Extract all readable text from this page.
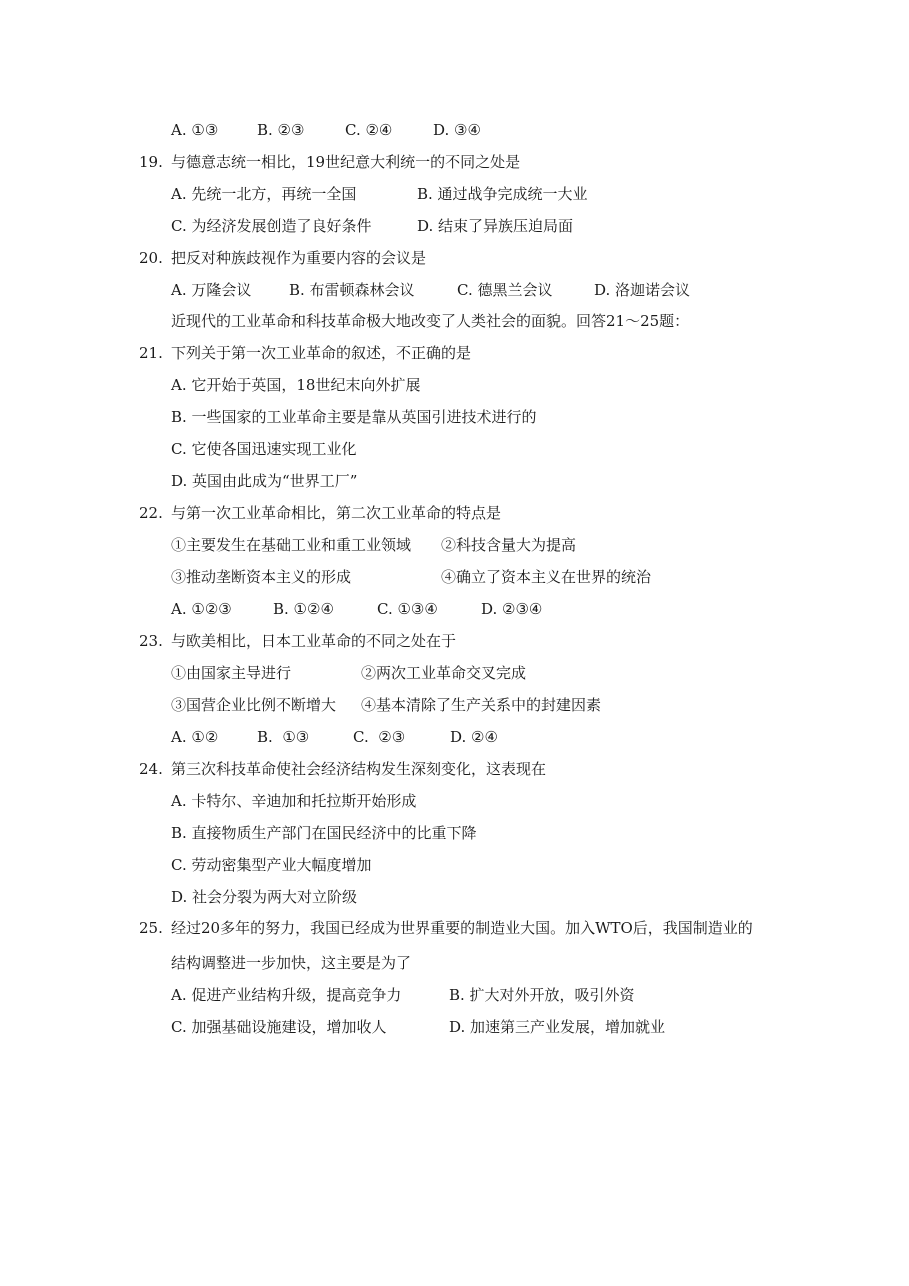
A. ①③

	B. ②③

	C. ②④

	D. ③④

19.

与德意志统一相比，19世纪意大利统一的不同之处是

A. 先统一北方，再统一全国

	B. 通过战争完成统一大业

C. 为经济发展创造了良好条件

	D. 结束了异族压迫局面

20.

把反对种族歧视作为重要内容的会议是

A. 万隆会议

	B. 布雷顿森林会议

	C. 德黑兰会议

	D. 洛迦诺会议

近现代的工业革命和科技革命极大地改变了人类社会的面貌。回答21～25题：

21.

下列关于第一次工业革命的叙述，不正确的是

A. 它开始于英国，18世纪末向外扩展
B. 一些国家的工业革命主要是靠从英国引进技术进行的
C. 它使各国迅速实现工业化
D. 英国由此成为“世界工厂”

22.

与第一次工业革命相比，第二次工业革命的特点是

①主要发生在基础工业和重工业领域

②科技含量大为提高

③推动垄断资本主义的形成

	④确立了资本主义在世界的统治

A. ①②③

	B. ①②④

	C. ①③④

	D. ②③④

23.

与欧美相比，日本工业革命的不同之处在于

①由国家主导进行

	②两次工业革命交叉完成

③国营企业比例不断增大

④基本清除了生产关系中的封建因素

A. ①②

	B.  ①③

	C.  ②③

	D. ②④

24.

第三次科技革命使社会经济结构发生深刻变化，这表现在

A. 卡特尔、辛迪加和托拉斯开始形成
B. 直接物质生产部门在国民经济中的比重下降
C. 劳动密集型产业大幅度增加
D. 社会分裂为两大对立阶级

25.

经过20多年的努力，我国已经成为世界重要的制造业大国。加入WTO后，我国制造业的

结构调整进一步加快，这主要是为了

A. 促进产业结构升级，提高竞争力

	B. 扩大对外开放，吸引外资

C. 加强基础设施建设，增加收人

	D. 加速第三产业发展，增加就业
